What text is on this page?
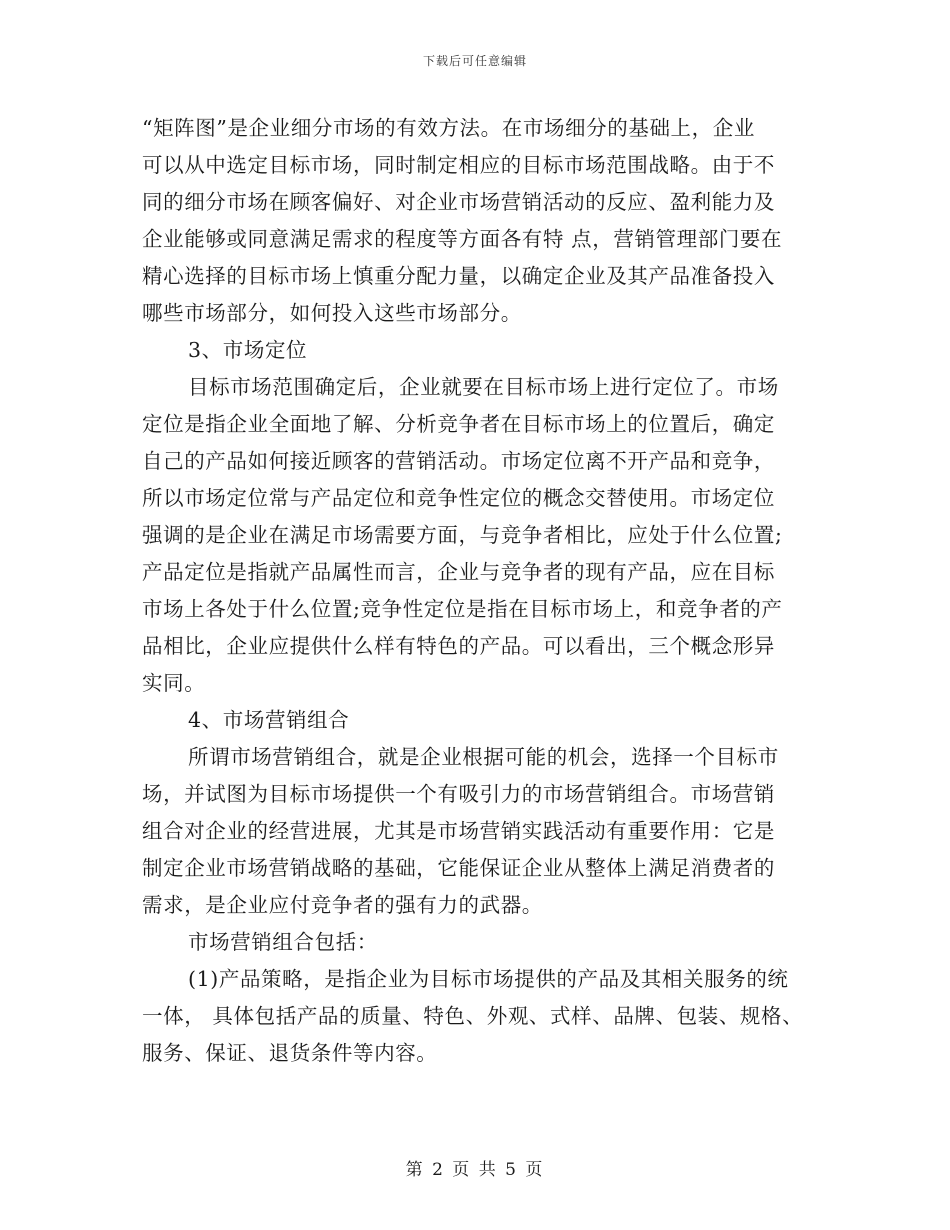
下载后可任意编辑
“矩阵图”是企业细分市场的有效方法。在市场细分的基础上，企业
可以从中选定目标市场，同时制定相应的目标市场范围战略。由于不
同的细分市场在顾客偏好、对企业市场营销活动的反应、盈利能力及
企业能够或同意满足需求的程度等方面各有特 点，营销管理部门要在
精心选择的目标市场上慎重分配力量，以确定企业及其产品准备投入
哪些市场部分，如何投入这些市场部分。
3、市场定位
目标市场范围确定后，企业就要在目标市场上进行定位了。市场
定位是指企业全面地了解、分析竞争者在目标市场上的位置后，确定
自己的产品如何接近顾客的营销活动。市场定位离不开产品和竞争，
所以市场定位常与产品定位和竞争性定位的概念交替使用。市场定位
强调的是企业在满足市场需要方面，与竞争者相比，应处于什么位置;
产品定位是指就产品属性而言，企业与竞争者的现有产品，应在目标
市场上各处于什么位置;竞争性定位是指在目标市场上，和竞争者的产
品相比，企业应提供什么样有特色的产品。可以看出，三个概念形异
实同。
4、市场营销组合
所谓市场营销组合，就是企业根据可能的机会，选择一个目标市
场，并试图为目标市场提供一个有吸引力的市场营销组合。市场营销
组合对企业的经营进展，尤其是市场营销实践活动有重要作用：它是
制定企业市场营销战略的基础，它能保证企业从整体上满足消费者的
需求，是企业应付竞争者的强有力的武器。
市场营销组合包括：
(1)产品策略，是指企业为目标市场提供的产品及其相关服务的统
一体， 具体包括产品的质量、特色、外观、式样、品牌、包装、规格、
服务、保证、退货条件等内容。
第 2 页 共 5 页
